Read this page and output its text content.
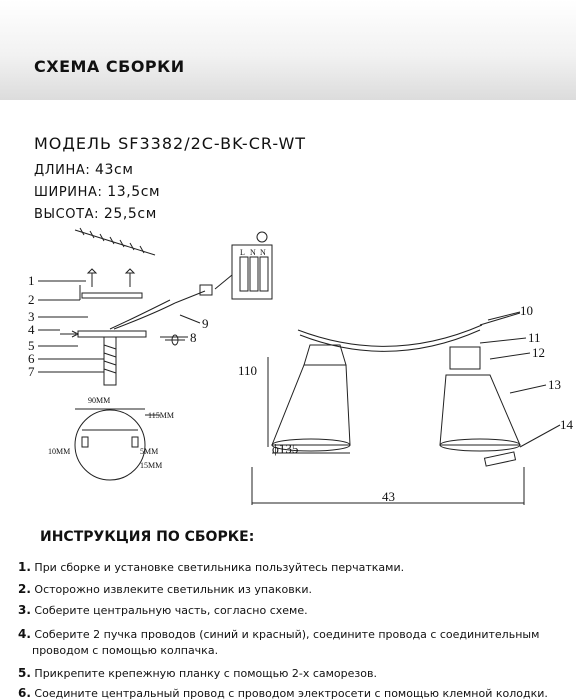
СХЕМА СБОРКИ
МОДЕЛЬ SF3382/2C-BK-CR-WT
ДЛИНА: 43см
ШИРИНА: 13,5см
ВЫСОТА: 25,5см
1
2
3
4
5
6
7
8
9
10
11
12
13
14
110
ϕ135
43
L N N
90MM
115MM
10MM	5MM
15MM
ИНСТРУКЦИЯ ПО СБОРКЕ:
1. При сборке и установке светильника пользуйтесь перчатками.
2. Осторожно извлеките светильник из упаковки.
3. Соберите центральную часть, согласно схеме.
4. Соберите 2 пучка проводов (синий и красный), соедините провода с соединительным
проводом с помощью колпачка.
5. Прикрепите крепежную планку с помощью 2-х саморезов.
6. Соедините центральный провод с проводом электросети с помощью клемной колодки.
